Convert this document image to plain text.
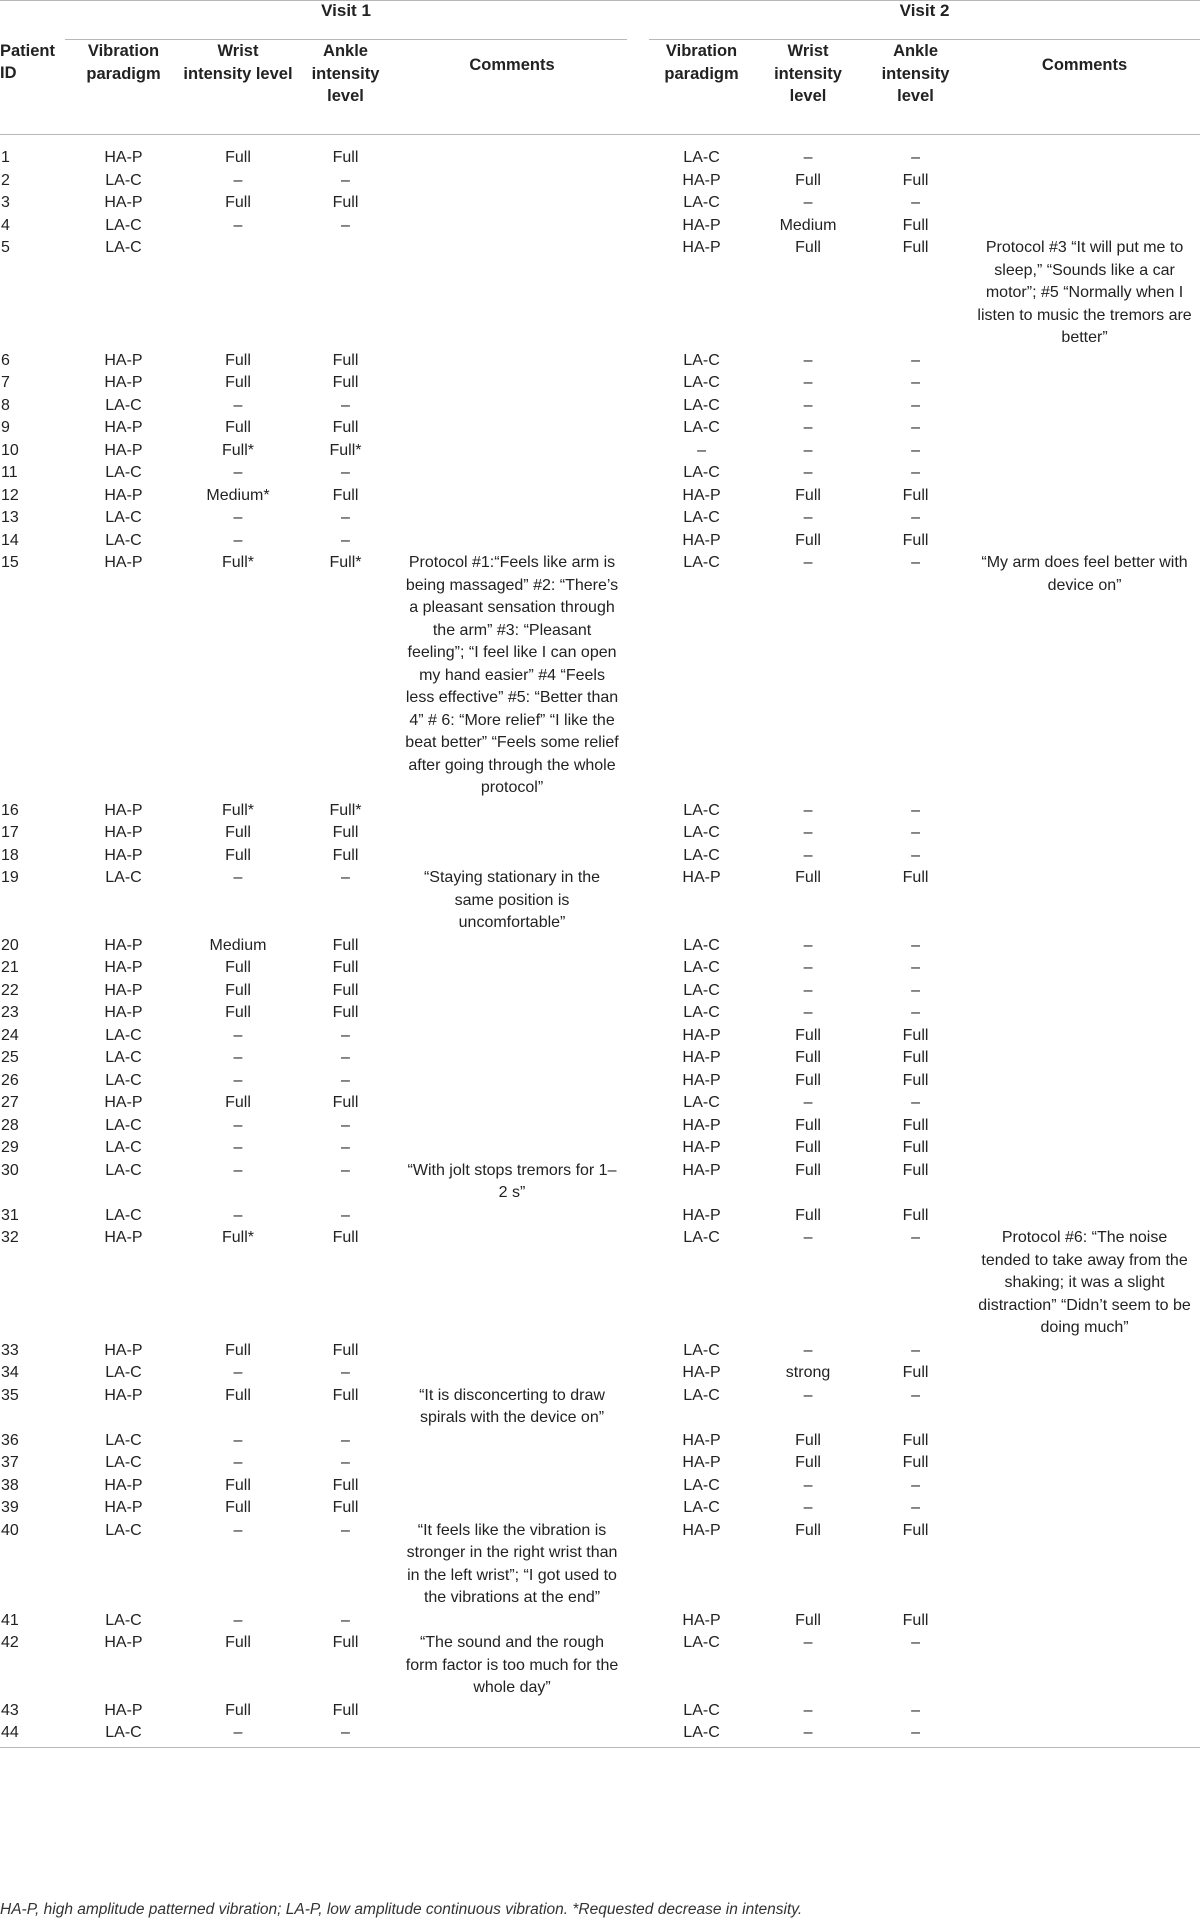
	Visit 1					Visit 2			
Patient ID	Vibration paradigm	Wrist intensity level	Ankle intensity level	Comments		Vibration paradigm	Wrist intensity level	Ankle intensity level	Comments

1	HA-P	Full	Full			LA-C	–	–	
2	LA-C	–	–			HA-P	Full	Full	
3	HA-P	Full	Full			LA-C	–	–	
4	LA-C	–	–			HA-P	Medium	Full	
5	LA-C					HA-P	Full	Full	Protocol #3 “It will put me to sleep,” “Sounds like a car motor”; #5 “Normally when I listen to music the tremors are better”
6	HA-P	Full	Full			LA-C	–	–	
7	HA-P	Full	Full			LA-C	–	–	
8	LA-C	–	–			LA-C	–	–	
9	HA-P	Full	Full			LA-C	–	–	
10	HA-P	Full*	Full*			–	–	–	
11	LA-C	–	–			LA-C	–	–	
12	HA-P	Medium*	Full			HA-P	Full	Full	
13	LA-C	–	–			LA-C	–	–	
14	LA-C	–	–			HA-P	Full	Full	
15	HA-P	Full*	Full*	Protocol #1:“Feels like arm is being massaged” #2: “There’s a pleasant sensation through the arm” #3: “Pleasant feeling”; “I feel like I can open my hand easier” #4 “Feels less effective” #5: “Better than 4” # 6: “More relief” “I like the beat better” “Feels some relief after going through the whole protocol”		LA-C	–	–	“My arm does feel better with device on”
16	HA-P	Full*	Full*			LA-C	–	–	
17	HA-P	Full	Full			LA-C	–	–	
18	HA-P	Full	Full			LA-C	–	–	
19	LA-C	–	–	“Staying stationary in the same position is uncomfortable”		HA-P	Full	Full	
20	HA-P	Medium	Full			LA-C	–	–	
21	HA-P	Full	Full			LA-C	–	–	
22	HA-P	Full	Full			LA-C	–	–	
23	HA-P	Full	Full			LA-C	–	–	
24	LA-C	–	–			HA-P	Full	Full	
25	LA-C	–	–			HA-P	Full	Full	
26	LA-C	–	–			HA-P	Full	Full	
27	HA-P	Full	Full			LA-C	–	–	
28	LA-C	–	–			HA-P	Full	Full	
29	LA-C	–	–			HA-P	Full	Full	
30	LA-C	–	–	“With jolt stops tremors for 1–2 s”		HA-P	Full	Full	
31	LA-C	–	–			HA-P	Full	Full	
32	HA-P	Full*	Full			LA-C	–	–	Protocol #6: “The noise tended to take away from the shaking; it was a slight distraction” “Didn’t seem to be doing much”
33	HA-P	Full	Full			LA-C	–	–	
34	LA-C	–	–			HA-P	strong	Full	
35	HA-P	Full	Full	“It is disconcerting to draw spirals with the device on”		LA-C	–	–	
36	LA-C	–	–			HA-P	Full	Full	
37	LA-C	–	–			HA-P	Full	Full	
38	HA-P	Full	Full			LA-C	–	–	
39	HA-P	Full	Full			LA-C	–	–	
40	LA-C	–	–	“It feels like the vibration is stronger in the right wrist than in the left wrist”; “I got used to the vibrations at the end”		HA-P	Full	Full	
41	LA-C	–	–			HA-P	Full	Full	
42	HA-P	Full	Full	“The sound and the rough form factor is too much for the whole day”		LA-C	–	–	
43	HA-P	Full	Full			LA-C	–	–	
44	LA-C	–	–			LA-C	–	–	
HA-P, high amplitude patterned vibration; LA-P, low amplitude continuous vibration. *Requested decrease in intensity.
